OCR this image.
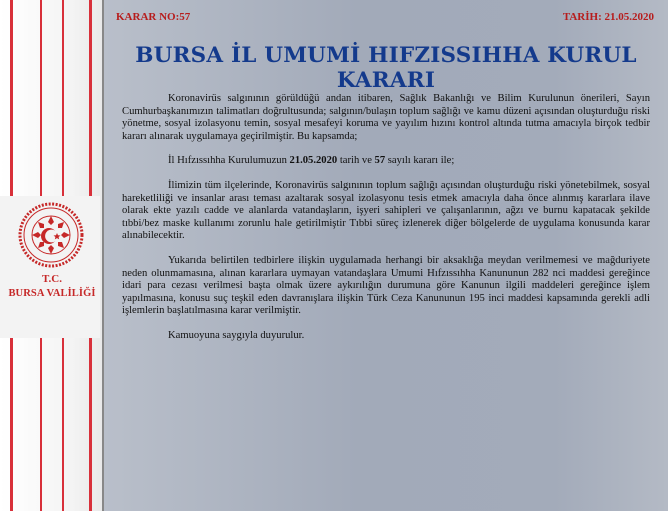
T.C.
BURSA VALİLİĞİ
KARAR NO:57	TARİH: 21.05.2020
BURSA İL UMUMİ HIFZISSIHHA KURUL KARARI

Koronavirüs salgınının görüldüğü andan itibaren, Sağlık Bakanlığı ve Bilim Kurulunun önerileri, Sayın Cumhurbaşkanımızın talimatları doğrultusunda; salgının/bulaşın toplum sağlığı ve kamu düzeni açısından oluşturduğu riski yönetme, sosyal izolasyonu temin, sosyal mesafeyi koruma ve yayılım hızını kontrol altında tutma amacıyla birçok tedbir kararı alınarak uygulamaya geçirilmiştir. Bu kapsamda;

İl Hıfzıssıhha Kurulumuzun 21.05.2020 tarih ve 57 sayılı kararı ile;

İlimizin tüm ilçelerinde, Koronavirüs salgınının toplum sağlığı açısından oluşturduğu riski yönetebilmek, sosyal hareketliliği ve insanlar arası teması azaltarak sosyal izolasyonu tesis etmek amacıyla daha önce alınmış kararlara ilave olarak ekte yazılı cadde ve alanlarda vatandaşların, işyeri sahipleri ve çalışanlarının, ağzı ve burnu kapatacak şekilde tıbbi/bez maske kullanımı zorunlu hale getirilmiştir Tıbbi süreç izlenerek diğer bölgelerde de uygulama konusunda karar alınabilecektir.

Yukarıda belirtilen tedbirlere ilişkin uygulamada herhangi bir aksaklığa meydan verilmemesi ve mağduriyete neden olunmamasına, alınan kararlara uymayan vatandaşlara Umumi Hıfzıssıhha Kanununun 282 nci maddesi gereğince idari para cezası verilmesi başta olmak üzere aykırılığın durumuna göre Kanunun ilgili maddeleri gereğince işlem yapılmasına, konusu suç teşkil eden davranışlara ilişkin Türk Ceza Kanununun 195 inci maddesi kapsamında gerekli adli işlemlerin başlatılmasına karar verilmiştir.

Kamuoyuna saygıyla duyurulur.
